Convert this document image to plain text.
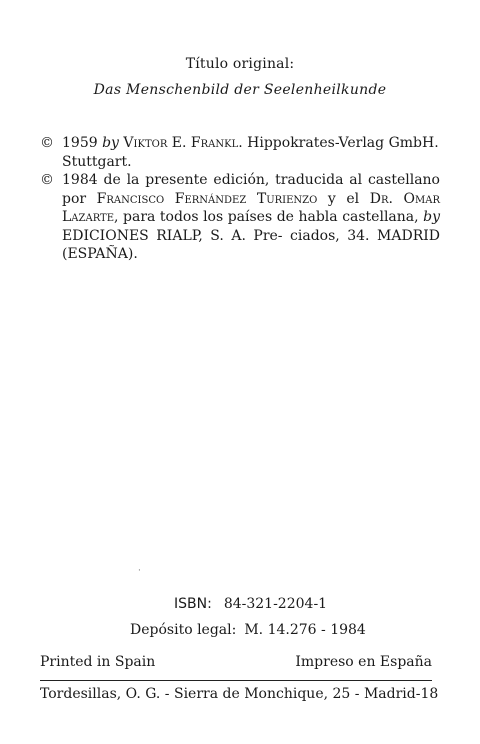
Título original:
Das Menschenbild der Seelenheilkunde
© 1959 by Viktor E. Frankl. Hippokrates-Verlag GmbH.
Stuttgart.
© 1984 de la presente edición, traducida al castellano por Francisco Fernández Turienzo y el Dr. Omar Lazarte, para todos los países de habla castellana, by EDICIONES RIALP, S. A. Pre- ciados, 34. MADRID (ESPAÑA).
·
ISBN: 84-321-2204-1
Depósito legal: M. 14.276 - 1984
Printed in Spain	Impreso en España
Tordesillas, O. G. - Sierra de Monchique, 25 - Madrid-18
